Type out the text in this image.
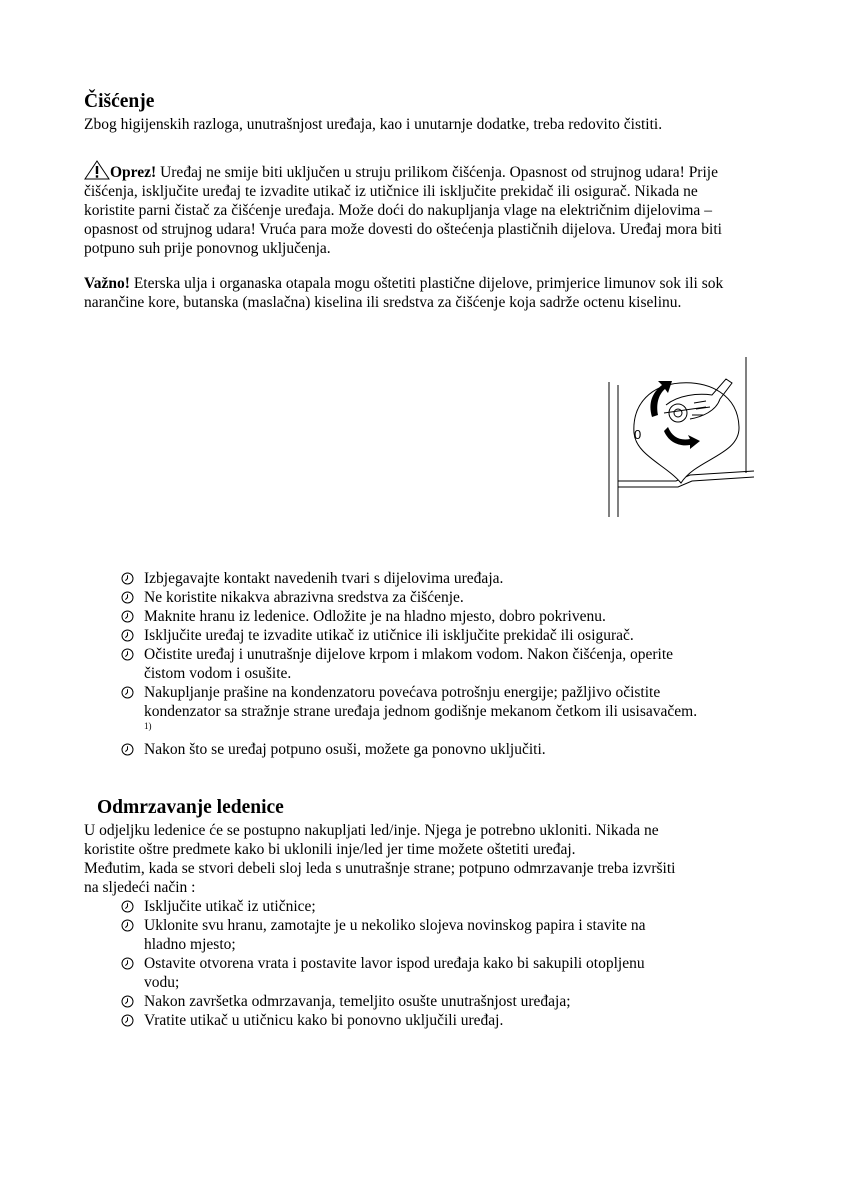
Čišćenje

Zbog higijenskih razloga, unutrašnjost uređaja, kao i unutarnje dodatke, treba redovito čistiti.

Oprez! Uređaj ne smije biti uključen u struju prilikom čišćenja. Opasnost od strujnog udara! Prije čišćenja, isključite uređaj te izvadite utikač iz utičnice ili isključite prekidač ili osigurač. Nikada ne koristite parni čistač za čišćenje uređaja. Može doći do nakupljanja vlage na električnim dijelovima – opasnost od strujnog udara! Vruća para može dovesti do oštećenja plastičnih dijelova. Uređaj mora biti potpuno suh prije ponovnog uključenja.

Važno! Eterska ulja i organaska otapala mogu oštetiti plastične dijelove, primjerice limunov sok ili sok narančine kore, butanska (maslačna) kiselina ili sredstva za čišćenje koja sadrže octenu kiselinu.

0
Izbjegavajte kontakt navedenih tvari s dijelovima uređaja.
Ne koristite nikakva abrazivna sredstva za čišćenje.
Maknite hranu iz ledenice. Odložite je na hladno mjesto, dobro pokrivenu.
Isključite uređaj te izvadite utikač iz utičnice ili isključite prekidač ili osigurač.
Očistite uređaj i unutrašnje dijelove krpom i mlakom vodom. Nakon čišćenja, operite čistom vodom i osušite.
Nakupljanje prašine na kondenzatoru povećava potrošnju energije; pažljivo očistite kondenzator sa stražnje strane uređaja jednom godišnje mekanom četkom ili usisavačem. $^{1)}$
Nakon što se uređaj potpuno osuši, možete ga ponovno uključiti.
Odmrzavanje ledenice

U odjeljku ledenice će se postupno nakupljati led/inje. Njega je potrebno ukloniti. Nikada ne koristite oštre predmete kako bi uklonili inje/led jer time možete oštetiti uređaj.

Međutim, kada se stvori debeli sloj leda s unutrašnje strane; potpuno odmrzavanje treba izvršiti na sljedeći način :

Isključite utikač iz utičnice;
Uklonite svu hranu, zamotajte je u nekoliko slojeva novinskog papira i stavite na hladno mjesto;
Ostavite otvorena vrata i postavite lavor ispod uređaja kako bi sakupili otopljenu vodu;
Nakon završetka odmrzavanja, temeljito osušte unutrašnjost uređaja;
Vratite utikač u utičnicu kako bi ponovno uključili uređaj.
